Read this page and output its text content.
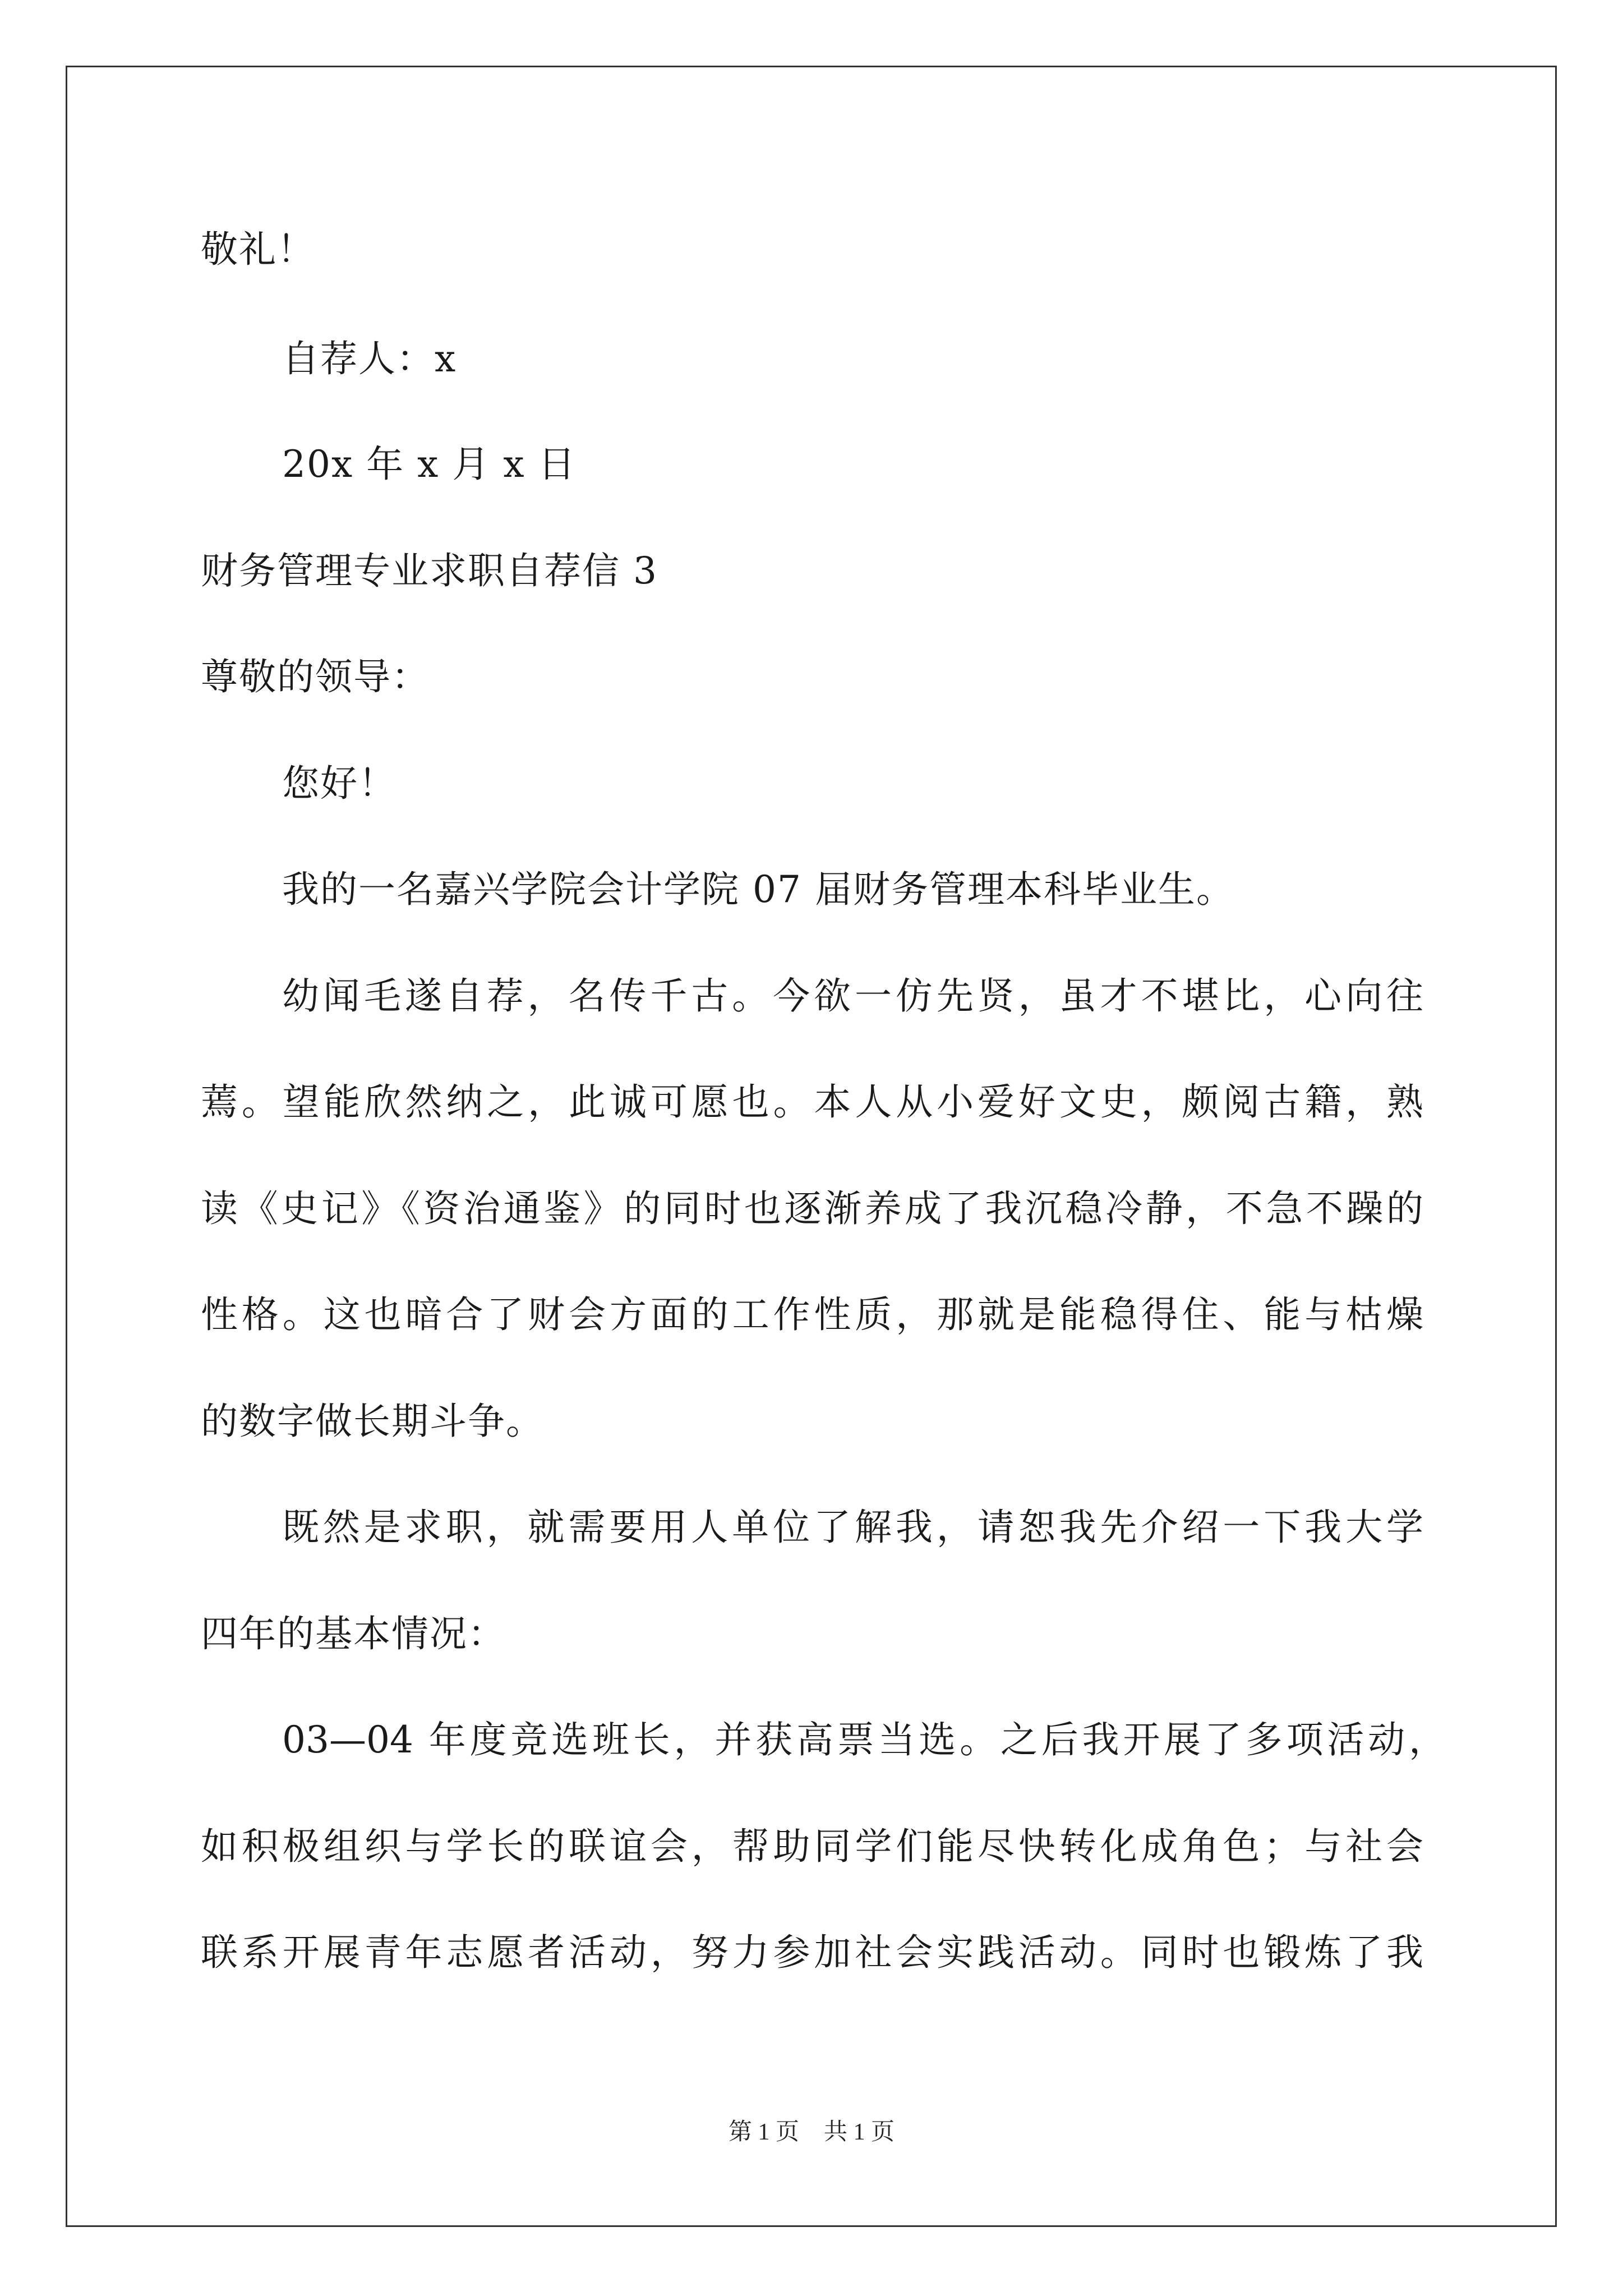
敬礼！
自荐人：x
20x 年 x 月 x 日
财务管理专业求职自荐信 3
尊敬的领导：
您好！
我的一名嘉兴学院会计学院 07 届财务管理本科毕业生。
幼闻毛遂自荐，名传千古。今欲一仿先贤，虽才不堪比，心向往
蔫。望能欣然纳之，此诚可愿也。本人从小爱好文史，颇阅古籍，熟
读《史记》《资治通鉴》的同时也逐渐养成了我沉稳冷静，不急不躁的
性格。这也暗合了财会方面的工作性质，那就是能稳得住、能与枯燥
的数字做长期斗争。
既然是求职，就需要用人单位了解我，请恕我先介绍一下我大学
四年的基本情况：
03—04 年度竞选班长，并获高票当选。之后我开展了多项活动，
如积极组织与学长的联谊会，帮助同学们能尽快转化成角色；与社会
联系开展青年志愿者活动，努力参加社会实践活动。同时也锻炼了我
第 1 页 共 1 页
